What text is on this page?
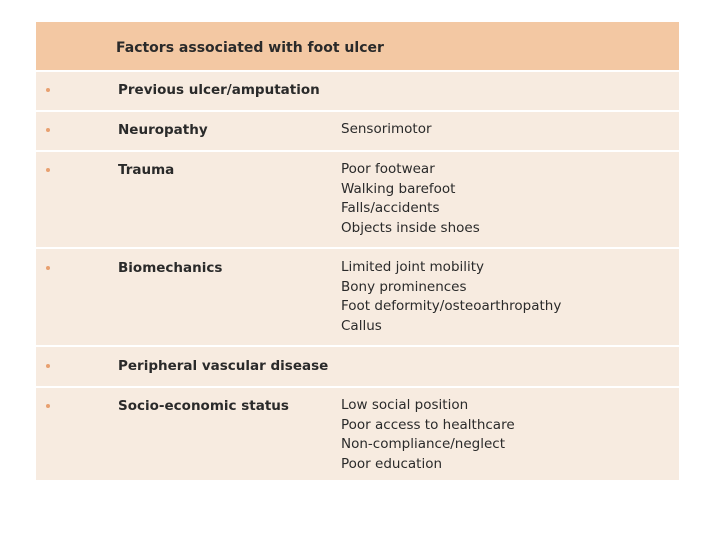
Factors associated with foot ulcer
Previous ulcer/amputation
Neuropathy	Sensorimotor
Trauma	Poor footwear
Walking barefoot
Falls/accidents
Objects inside shoes
Biomechanics	Limited joint mobility
Bony prominences
Foot deformity/osteoarthropathy
Callus
Peripheral vascular disease
Socio-economic status	Low social position
Poor access to healthcare
Non-compliance/neglect
Poor education
